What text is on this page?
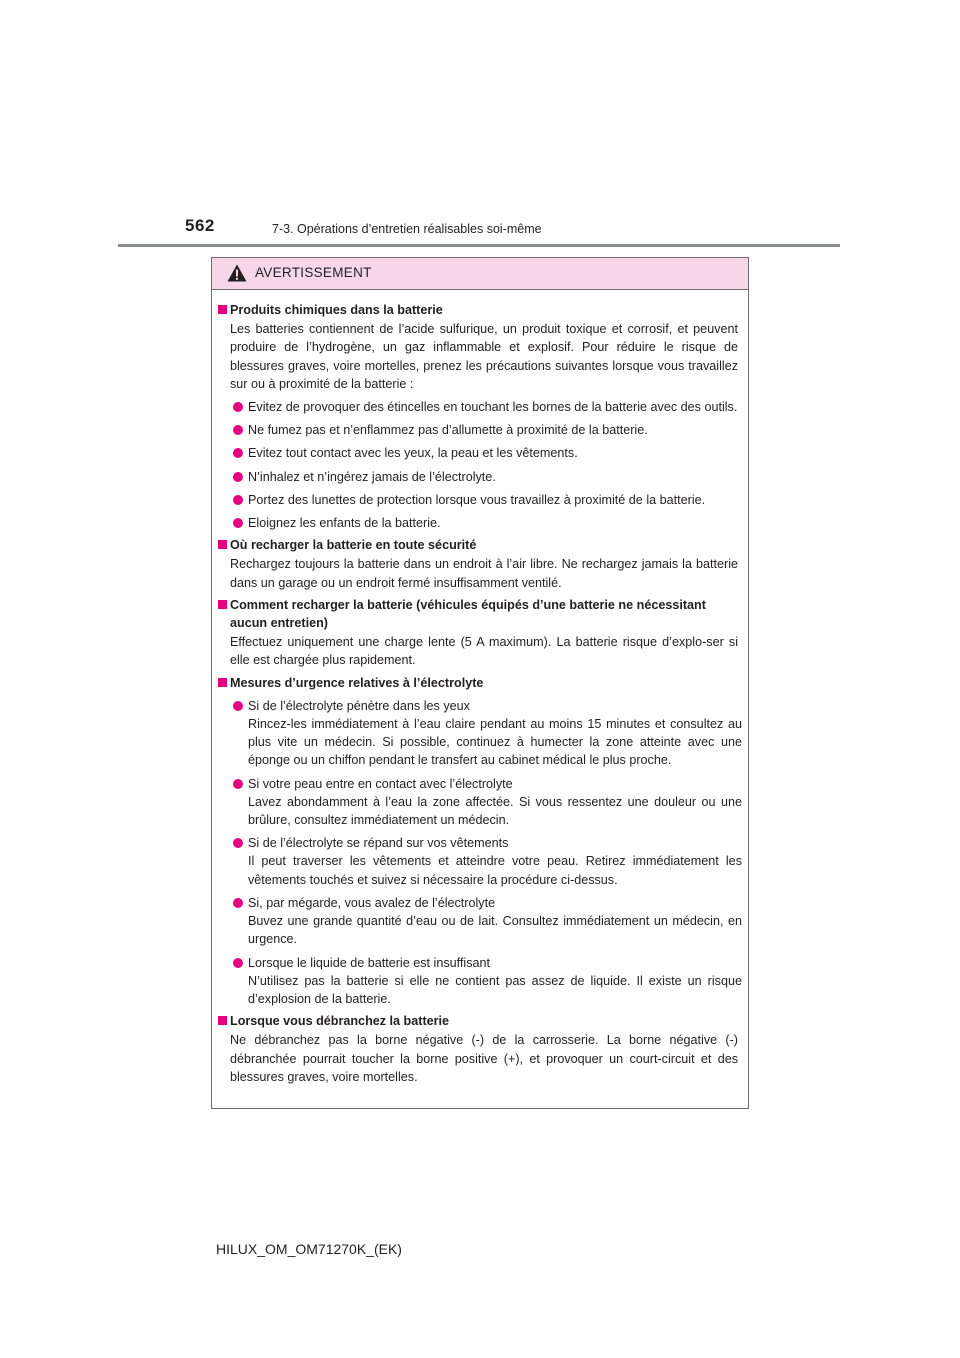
562	7-3. Opérations d’entretien réalisables soi-même
AVERTISSEMENT
Produits chimiques dans la batterie
Les batteries contiennent de l’acide sulfurique, un produit toxique et corrosif, et peuvent produire de l’hydrogène, un gaz inflammable et explosif. Pour réduire le risque de blessures graves, voire mortelles, prenez les précautions suivantes lorsque vous travaillez sur ou à proximité de la batterie :
Evitez de provoquer des étincelles en touchant les bornes de la batterie avec des outils.
Ne fumez pas et n’enflammez pas d’allumette à proximité de la batterie.
Evitez tout contact avec les yeux, la peau et les vêtements.
N’inhalez et n’ingérez jamais de l’électrolyte.
Portez des lunettes de protection lorsque vous travaillez à proximité de la batterie.
Eloignez les enfants de la batterie.
Où recharger la batterie en toute sécurité
Rechargez toujours la batterie dans un endroit à l’air libre. Ne rechargez jamais la batterie dans un garage ou un endroit fermé insuffisamment ventilé.
Comment recharger la batterie (véhicules équipés d’une batterie ne nécessitant aucun entretien)
Effectuez uniquement une charge lente (5 A maximum). La batterie risque d’explo-ser si elle est chargée plus rapidement.
Mesures d’urgence relatives à l’électrolyte
Si de l’électrolyte pénètre dans les yeux
Rincez-les immédiatement à l’eau claire pendant au moins 15 minutes et consultez au plus vite un médecin. Si possible, continuez à humecter la zone atteinte avec une éponge ou un chiffon pendant le transfert au cabinet médical le plus proche.
Si votre peau entre en contact avec l’électrolyte
Lavez abondamment à l’eau la zone affectée. Si vous ressentez une douleur ou une brûlure, consultez immédiatement un médecin.
Si de l’électrolyte se répand sur vos vêtements
Il peut traverser les vêtements et atteindre votre peau. Retirez immédiatement les vêtements touchés et suivez si nécessaire la procédure ci-dessus.
Si, par mégarde, vous avalez de l’électrolyte
Buvez une grande quantité d’eau ou de lait. Consultez immédiatement un médecin, en urgence.
Lorsque le liquide de batterie est insuffisant
N’utilisez pas la batterie si elle ne contient pas assez de liquide. Il existe un risque d’explosion de la batterie.
Lorsque vous débranchez la batterie
Ne débranchez pas la borne négative (-) de la carrosserie. La borne négative (-) débranchée pourrait toucher la borne positive (+), et provoquer un court-circuit et des blessures graves, voire mortelles.
HILUX_OM_OM71270K_(EK)
